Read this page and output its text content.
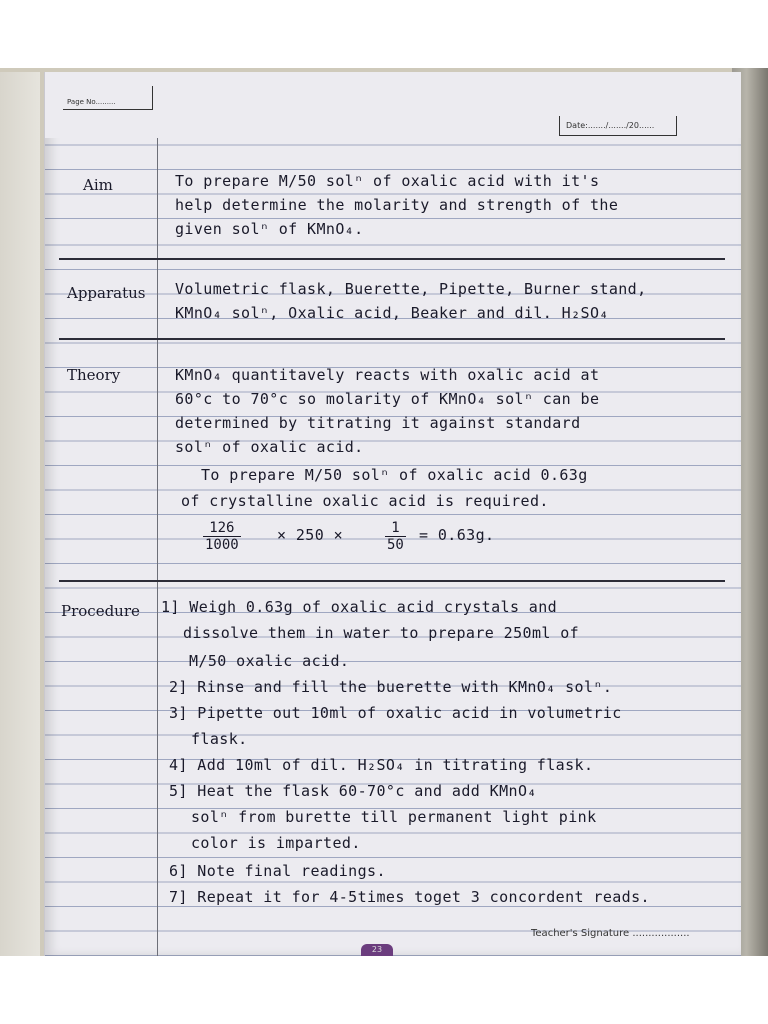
Page No.........
Date:......./......./20......
Aim	To prepare M/50 solⁿ of oxalic acid with it's
help determine the molarity and strength of the
given solⁿ of KMnO₄.
Apparatus Volumetric flask, Buerette, Pipette, Burner stand,
KMnO₄ solⁿ, Oxalic acid, Beaker and dil. H₂SO₄
Theory	KMnO₄ quantitavely reacts with oxalic acid at
60°c to 70°c so molarity of KMnO₄ solⁿ can be
determined by titrating it against standard
solⁿ of oxalic acid.
To prepare M/50 solⁿ of oxalic acid 0.63g
of crystalline oxalic acid is required.
$\frac{126}{1000} \times 250$ ×	$\frac{1}{50} = 0.63g$.
Procedure 1] Weigh 0.63g of oxalic acid crystals and
dissolve them in water to prepare 250ml of
M/50 oxalic acid.
2] Rinse and fill the buerette with KMnO₄ solⁿ.
3] Pipette out 10ml of oxalic acid in volumetric
flask.
4] Add 10ml of dil. H₂SO₄ in titrating flask.
5] Heat the flask 60-70°c and add KMnO₄
solⁿ from burette till permanent light pink
color is imparted.
6] Note final readings.
7] Repeat it for 4-5times toget 3 concordent reads.
Teacher's Signature ..................
23
